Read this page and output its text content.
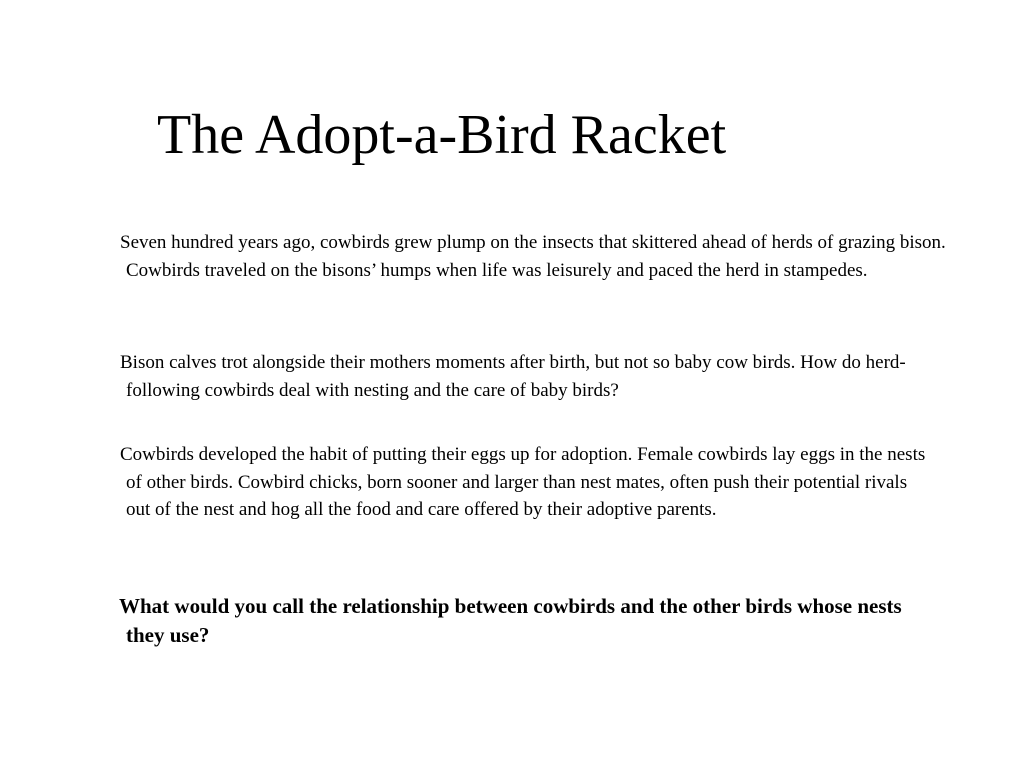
The Adopt-a-Bird Racket

Seven hundred years ago, cowbirds grew plump on the insects that skittered ahead of herds of grazing bison. Cowbirds traveled on the bisons’ humps when life was leisurely and paced the herd in stampedes.

Bison calves trot alongside their mothers moments after birth, but not so baby cow birds. How do herd-following cowbirds deal with nesting and the care of baby birds?

Cowbirds developed the habit of putting their eggs up for adoption. Female cowbirds lay eggs in the nests of other birds. Cowbird chicks, born sooner and larger than nest mates, often push their potential rivals out of the nest and hog all the food and care offered by their adoptive parents.

What would you call the relationship between cowbirds and the other birds whose nests they use?
